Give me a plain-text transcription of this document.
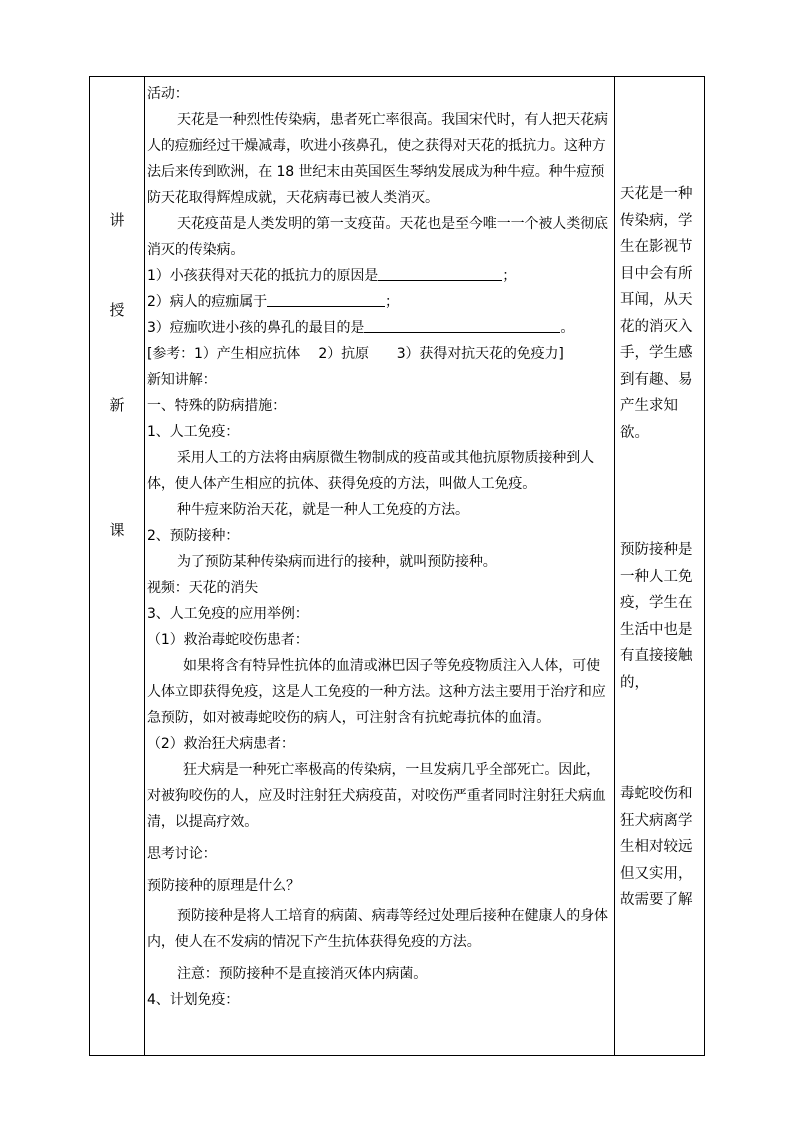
讲
授
新
课

活动：

天花是一种烈性传染病，患者死亡率很高。我国宋代时，有人把天花病人的痘痂经过干燥减毒，吹进小孩鼻孔，使之获得对天花的抵抗力。这种方法后来传到欧洲，在 18 世纪末由英国医生琴纳发展成为种牛痘。种牛痘预防天花取得辉煌成就，天花病毒已被人类消灭。

天花疫苗是人类发明的第一支疫苗。天花也是至今唯一一个被人类彻底消灭的传染病。

1）小孩获得对天花的抵抗力的原因是	；

2）病人的痘痂属于	；

3）痘痂吹进小孩的鼻孔的最目的是	。

[参考：1）产生相应抗体　 2）抗原　　3）获得对抗天花的免疫力]

新知讲解：

一、特殊的防病措施：

1、人工免疫：

采用人工的方法将由病原微生物制成的疫苗或其他抗原物质接种到人体，使人体产生相应的抗体、获得免疫的方法，叫做人工免疫。

种牛痘来防治天花，就是一种人工免疫的方法。

2、预防接种：

为了预防某种传染病而进行的接种，就叫预防接种。

视频：天花的消失

3、人工免疫的应用举例：

（1）救治毒蛇咬伤患者：

如果将含有特异性抗体的血清或淋巴因子等免疫物质注入人体，可使人体立即获得免疫，这是人工免疫的一种方法。这种方法主要用于治疗和应急预防，如对被毒蛇咬伤的病人，可注射含有抗蛇毒抗体的血清。

（2）救治狂犬病患者：

狂犬病是一种死亡率极高的传染病，一旦发病几乎全部死亡。因此，对被狗咬伤的人，应及时注射狂犬病疫苗，对咬伤严重者同时注射狂犬病血清，以提高疗效。

思考讨论：

预防接种的原理是什么？

预防接种是将人工培育的病菌、病毒等经过处理后接种在健康人的身体内，使人在不发病的情况下产生抗体获得免疫的方法。

注意：预防接种不是直接消灭体内病菌。

4、计划免疫：

天花是一种传染病，学生在影视节目中会有所耳闻，从天花的消灭入手，学生感到有趣、易产生求知欲。

预防接种是一种人工免疫，学生在生活中也是有直接接触的，

毒蛇咬伤和狂犬病离学生相对较远但又实用，故需要了解
